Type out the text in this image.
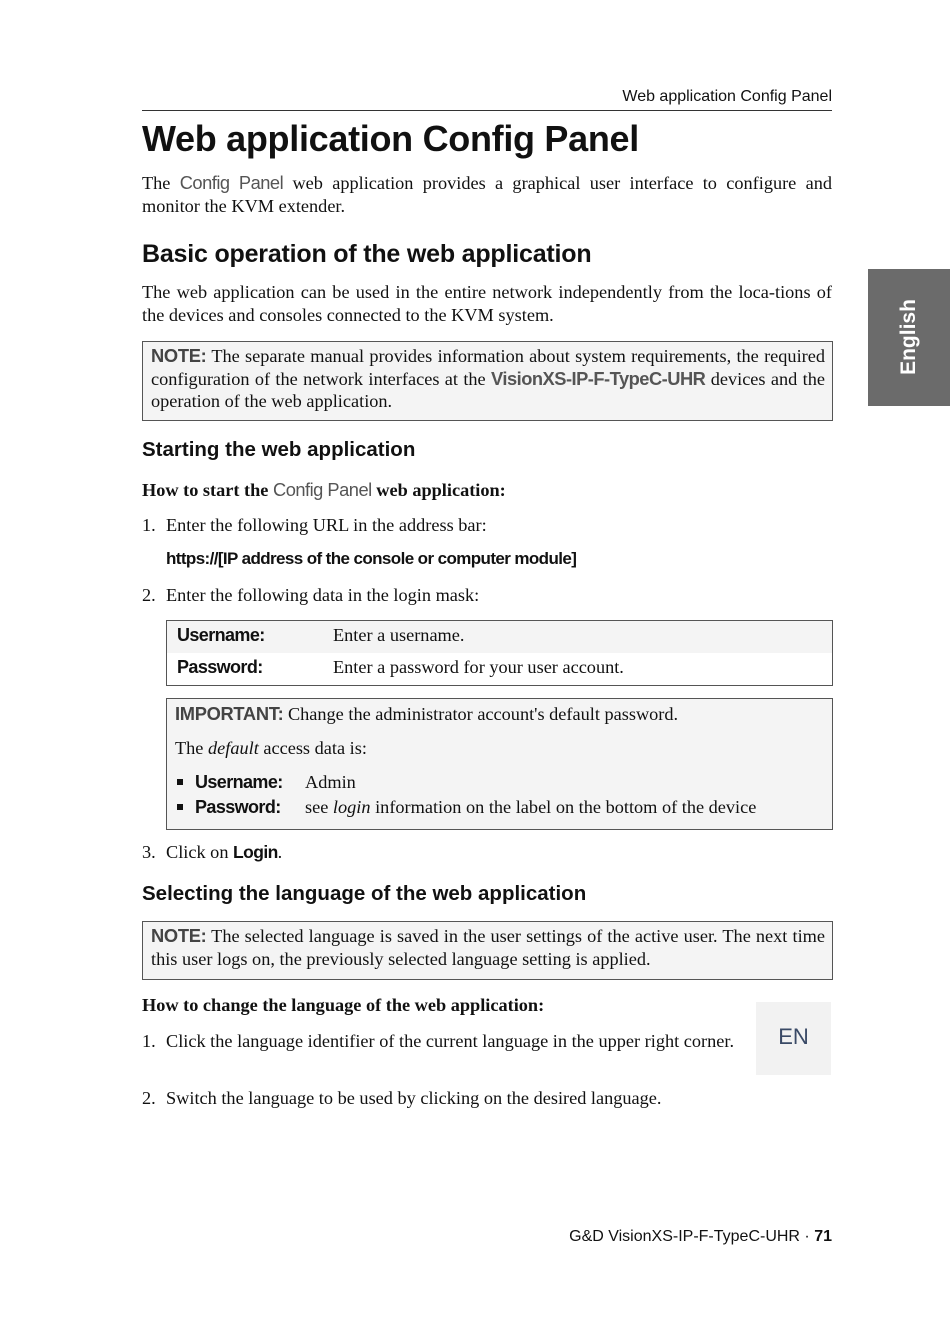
Web application Config Panel
English
Web application Config Panel

The Config Panel web application provides a graphical user interface to configure and monitor the KVM extender.

Basic operation of the web application

The web application can be used in the entire network independently from the loca-tions of the devices and consoles connected to the KVM system.

NOTE: The separate manual provides information about system requirements, the required configuration of the network interfaces at the VisionXS-IP-F-TypeC-UHR devices and the operation of the web application.

Starting the web application

How to start the Config Panel web application:

1. Enter the following URL in the address bar:
https://[IP address of the console or computer module]
2. Enter the following data in the login mask:
Username:	Enter a username.
Password:	Enter a password for your user account.

IMPORTANT: Change the administrator account's default password.

The default access data is:

Username: Admin
Password: see login information on the label on the bottom of the device
3. Click on Login.
Selecting the language of the web application

NOTE: The selected language is saved in the user settings of the active user. The next time this user logs on, the previously selected language setting is applied.

How to change the language of the web application:

1. Click the language identifier of the current language in the upper right corner.	EN
2. Switch the language to be used by clicking on the desired language.
G&D VisionXS-IP-F-TypeC-UHR · 71
